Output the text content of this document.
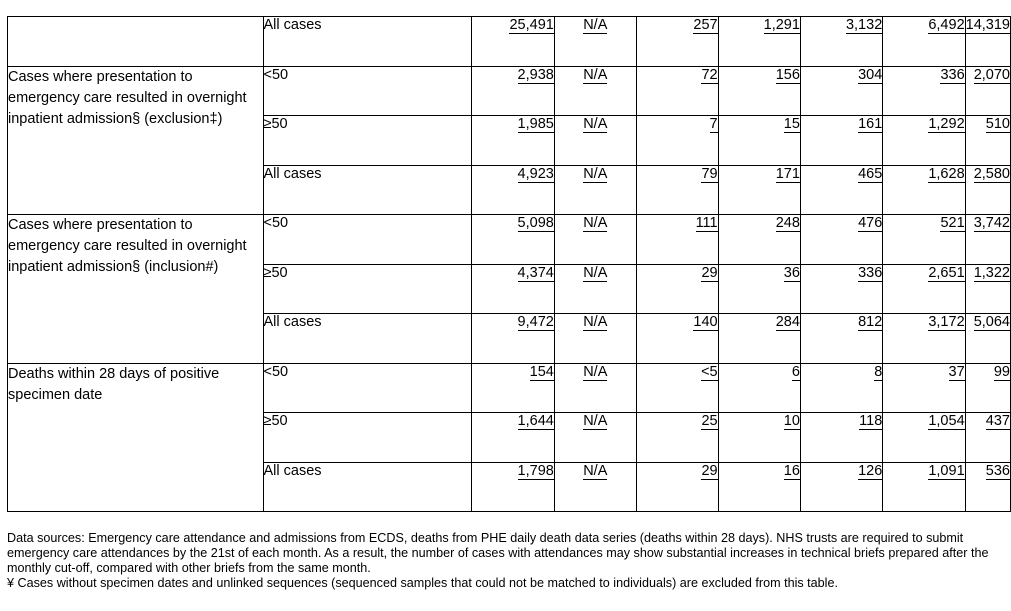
	All cases	25,491	N/A	257	1,291	3,132	6,492	14,319
Cases where presentation to emergency care resulted in overnight inpatient admission§ (exclusion‡)	<50	2,938	N/A	72	156	304	336	2,070
	≥50	1,985	N/A	7	15	161	1,292	510
	All cases	4,923	N/A	79	171	465	1,628	2,580
Cases where presentation to emergency care resulted in overnight inpatient admission§ (inclusion#)	<50	5,098	N/A	111	248	476	521	3,742
	≥50	4,374	N/A	29	36	336	2,651	1,322
	All cases	9,472	N/A	140	284	812	3,172	5,064
Deaths within 28 days of positive specimen date	<50	154	N/A	<5	6	8	37	99
	≥50	1,644	N/A	25	10	118	1,054	437
	All cases	1,798	N/A	29	16	126	1,091	536

Data sources: Emergency care attendance and admissions from ECDS, deaths from PHE daily death data series (deaths within 28 days). NHS trusts are required to submit emergency care attendances by the 21st of each month. As a result, the number of cases with attendances may show substantial increases in technical briefs prepared after the monthly cut-off, compared with other briefs from the same month.

¥ Cases without specimen dates and unlinked sequences (sequenced samples that could not be matched to individuals) are excluded from this table.
